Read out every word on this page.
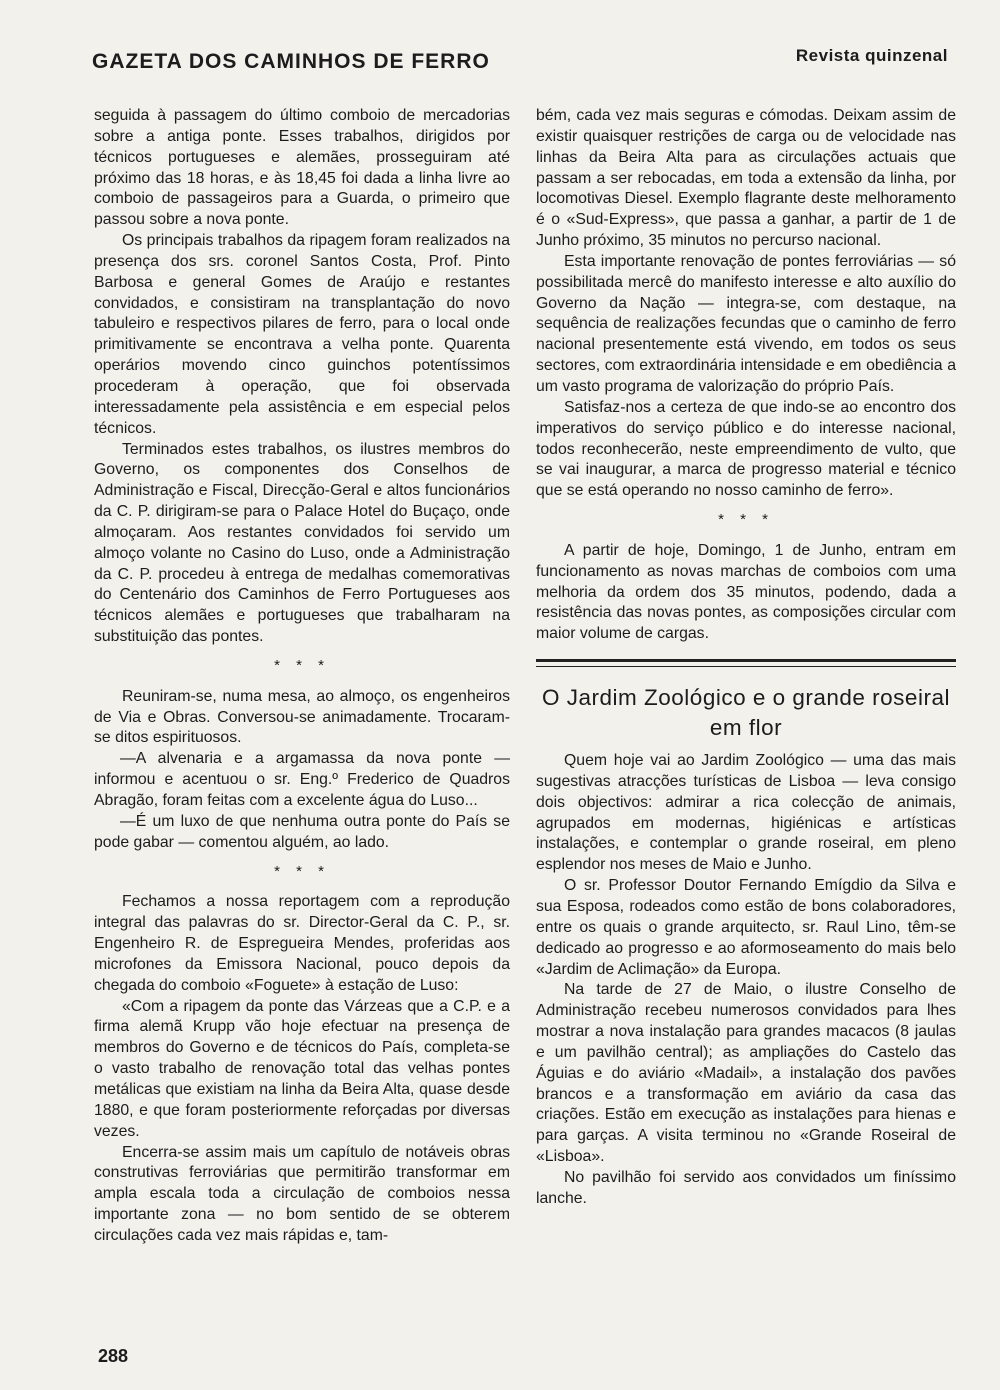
GAZETA DOS CAMINHOS DE FERRO	Revista quinzenal

seguida à passagem do último comboio de mercadorias sobre a antiga ponte. Esses trabalhos, dirigidos por técnicos portugueses e alemães, prosseguiram até próximo das 18 horas, e às 18,45 foi dada a linha livre ao comboio de passageiros para a Guarda, o primeiro que passou sobre a nova ponte.

Os principais trabalhos da ripagem foram realizados na presença dos srs. coronel Santos Costa, Prof. Pinto Barbosa e general Gomes de Araújo e restantes convidados, e consistiram na transplantação do novo tabuleiro e respectivos pilares de ferro, para o local onde primitivamente se encontrava a velha ponte. Quarenta operários movendo cinco guinchos potentíssimos procederam à operação, que foi observada interessadamente pela assistência e em especial pelos técnicos.

Terminados estes trabalhos, os ilustres membros do Governo, os componentes dos Conselhos de Administração e Fiscal, Direcção-Geral e altos funcionários da C. P. dirigiram-se para o Palace Hotel do Buçaço, onde almoçaram. Aos restantes convidados foi servido um almoço volante no Casino do Luso, onde a Administração da C. P. procedeu à entrega de medalhas comemorativas do Centenário dos Caminhos de Ferro Portugueses aos técnicos alemães e portugueses que trabalharam na substituição das pontes.

* * *

Reuniram-se, numa mesa, ao almoço, os engenheiros de Via e Obras. Conversou-se animadamente. Trocaram-se ditos espirituosos.

—A alvenaria e a argamassa da nova ponte — informou e acentuou o sr. Eng.º Frederico de Quadros Abragão, foram feitas com a excelente água do Luso...

—É um luxo de que nenhuma outra ponte do País se pode gabar — comentou alguém, ao lado.

* * *

Fechamos a nossa reportagem com a reprodução integral das palavras do sr. Director-Geral da C. P., sr. Engenheiro R. de Espregueira Mendes, proferidas aos microfones da Emissora Nacional, pouco depois da chegada do comboio «Foguete» à estação de Luso:

«Com a ripagem da ponte das Várzeas que a C.P. e a firma alemã Krupp vão hoje efectuar na presença de membros do Governo e de técnicos do País, completa-se o vasto trabalho de renovação total das velhas pontes metálicas que existiam na linha da Beira Alta, quase desde 1880, e que foram posteriormente reforçadas por diversas vezes.

Encerra-se assim mais um capítulo de notáveis obras construtivas ferroviárias que permitirão transformar em ampla escala toda a circulação de comboios nessa importante zona — no bom sentido de se obterem circulações cada vez mais rápidas e, tam-

bém, cada vez mais seguras e cómodas. Deixam assim de existir quaisquer restrições de carga ou de velocidade nas linhas da Beira Alta para as circulações actuais que passam a ser rebocadas, em toda a extensão da linha, por locomotivas Diesel. Exemplo flagrante deste melhoramento é o «Sud-Express», que passa a ganhar, a partir de 1 de Junho próximo, 35 minutos no percurso nacional.

Esta importante renovação de pontes ferroviárias — só possibilitada mercê do manifesto interesse e alto auxílio do Governo da Nação — integra-se, com destaque, na sequência de realizações fecundas que o caminho de ferro nacional presentemente está vivendo, em todos os seus sectores, com extraordinária intensidade e em obediência a um vasto programa de valorização do próprio País.

Satisfaz-nos a certeza de que indo-se ao encontro dos imperativos do serviço público e do interesse nacional, todos reconhecerão, neste empreendimento de vulto, que se vai inaugurar, a marca de progresso material e técnico que se está operando no nosso caminho de ferro».

* * *

A partir de hoje, Domingo, 1 de Junho, entram em funcionamento as novas marchas de comboios com uma melhoria da ordem dos 35 minutos, podendo, dada a resistência das novas pontes, as composições circular com maior volume de cargas.

O Jardim Zoológico e o grande roseiral em flor

Quem hoje vai ao Jardim Zoológico — uma das mais sugestivas atracções turísticas de Lisboa — leva consigo dois objectivos: admirar a rica colecção de animais, agrupados em modernas, higiénicas e artísticas instalações, e contemplar o grande roseiral, em pleno esplendor nos meses de Maio e Junho.

O sr. Professor Doutor Fernando Emígdio da Silva e sua Esposa, rodeados como estão de bons colaboradores, entre os quais o grande arquitecto, sr. Raul Lino, têm-se dedicado ao progresso e ao aformoseamento do mais belo «Jardim de Aclimação» da Europa.

Na tarde de 27 de Maio, o ilustre Conselho de Administração recebeu numerosos convidados para lhes mostrar a nova instalação para grandes macacos (8 jaulas e um pavilhão central); as ampliações do Castelo das Águias e do aviário «Madail», a instalação dos pavões brancos e a transformação em aviário da casa das criações. Estão em execução as instalações para hienas e para garças. A visita terminou no «Grande Roseiral de «Lisboa».

No pavilhão foi servido aos convidados um finíssimo lanche.

288
